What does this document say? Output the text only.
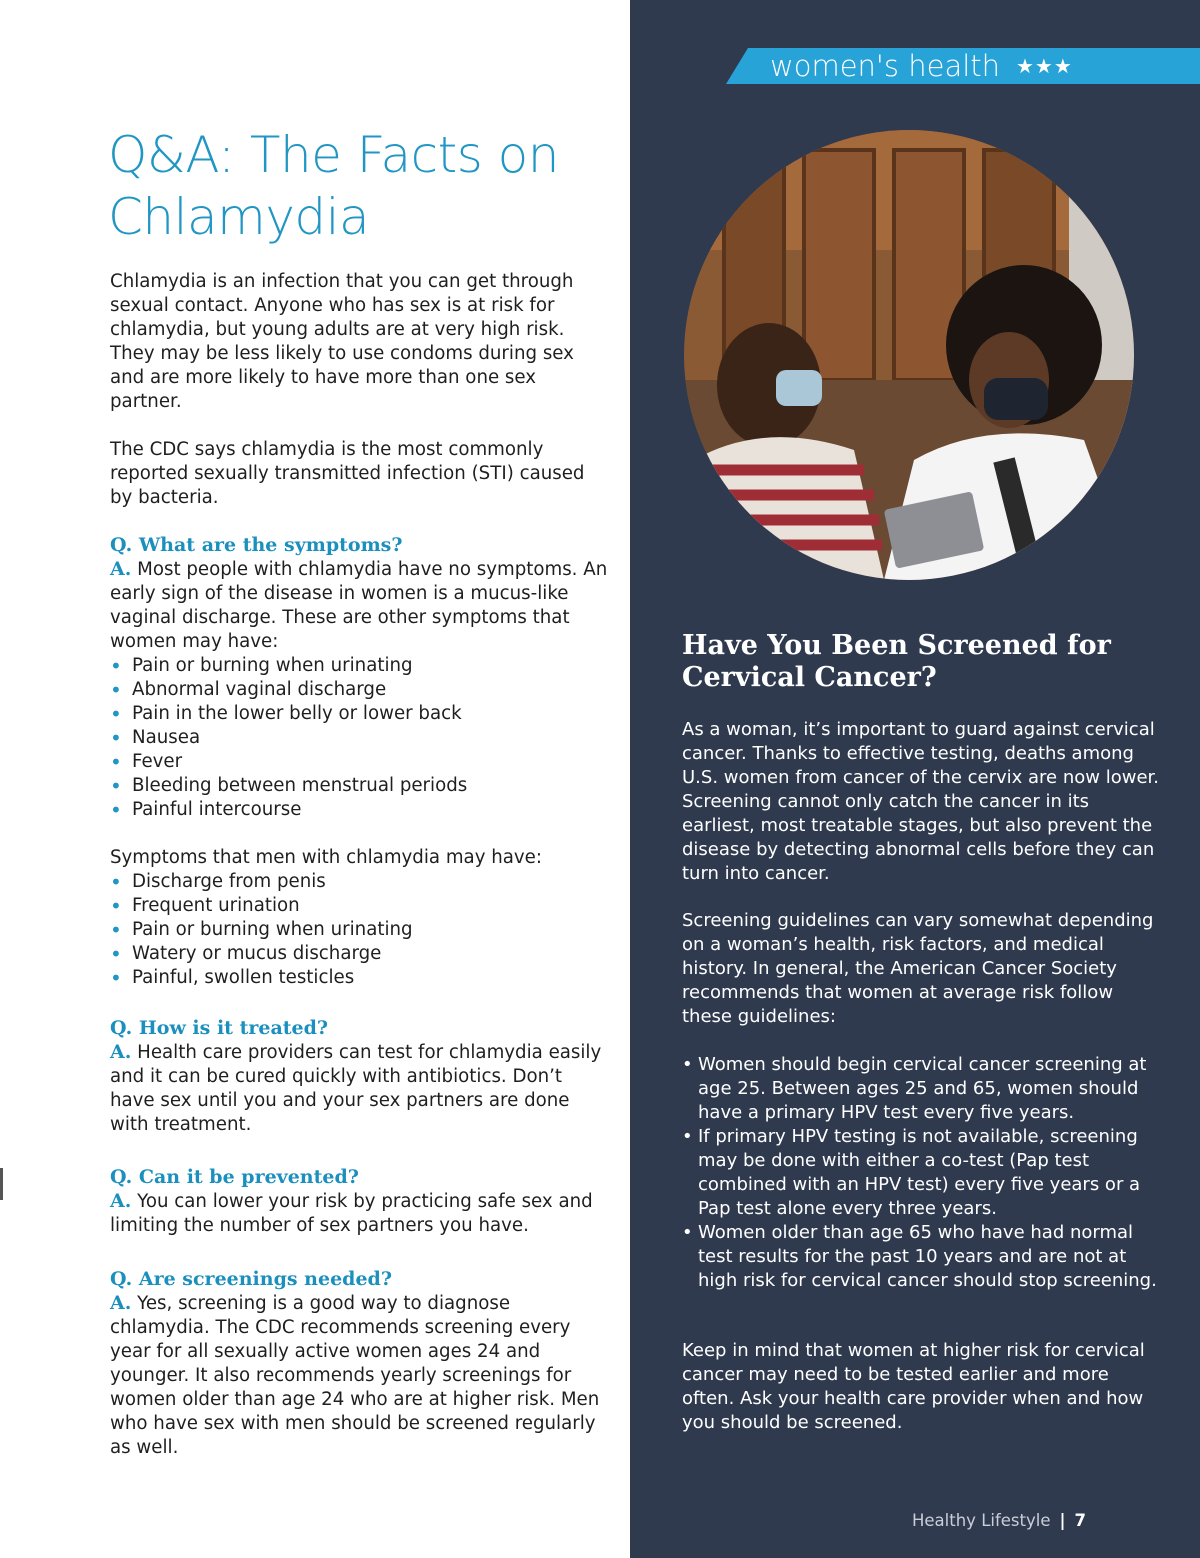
Q&A: The Facts on Chlamydia

Chlamydia is an infection that you can get through sexual contact. Anyone who has sex is at risk for chlamydia, but young adults are at very high risk. They may be less likely to use condoms during sex and are more likely to have more than one sex partner.

The CDC says chlamydia is the most commonly reported sexually transmitted infection (STI) caused by bacteria.

Q. What are the symptoms?
A. Most people with chlamydia have no symptoms. An early sign of the disease in women is a mucus-like vaginal discharge. These are other symptoms that women may have:
• Pain or burning when urinating
• Abnormal vaginal discharge
• Pain in the lower belly or lower back
• Nausea
• Fever
• Bleeding between menstrual periods
• Painful intercourse
Symptoms that men with chlamydia may have:
• Discharge from penis
• Frequent urination
• Pain or burning when urinating
• Watery or mucus discharge
• Painful, swollen testicles
Q. How is it treated?
A. Health care providers can test for chlamydia easily and it can be cured quickly with antibiotics. Don’t have sex until you and your sex partners are done with treatment.
Q. Can it be prevented?
A. You can lower your risk by practicing safe sex and limiting the number of sex partners you have.
Q. Are screenings needed?
A. Yes, screening is a good way to diagnose chlamydia. The CDC recommends screening every year for all sexually active women ages 24 and younger. It also recommends yearly screenings for women older than age 24 who are at higher risk. Men who have sex with men should be screened regularly as well.
women's health ★★★
Have You Been Screened for Cervical Cancer?

As a woman, it’s important to guard against cervical cancer. Thanks to effective testing, deaths among U.S. women from cancer of the cervix are now lower. Screening cannot only catch the cancer in its earliest, most treatable stages, but also prevent the disease by detecting abnormal cells before they can turn into cancer.

Screening guidelines can vary somewhat depending on a woman’s health, risk factors, and medical history. In general, the American Cancer Society recommends that women at average risk follow these guidelines:

• Women should begin cervical cancer screening at age 25. Between ages 25 and 65, women should have a primary HPV test every five years.
• If primary HPV testing is not available, screening may be done with either a co-test (Pap test combined with an HPV test) every five years or a Pap test alone every three years.
• Women older than age 65 who have had normal test results for the past 10 years and are not at high risk for cervical cancer should stop screening.

Keep in mind that women at higher risk for cervical cancer may need to be tested earlier and more often. Ask your health care provider when and how you should be screened.

Healthy Lifestyle | 7
